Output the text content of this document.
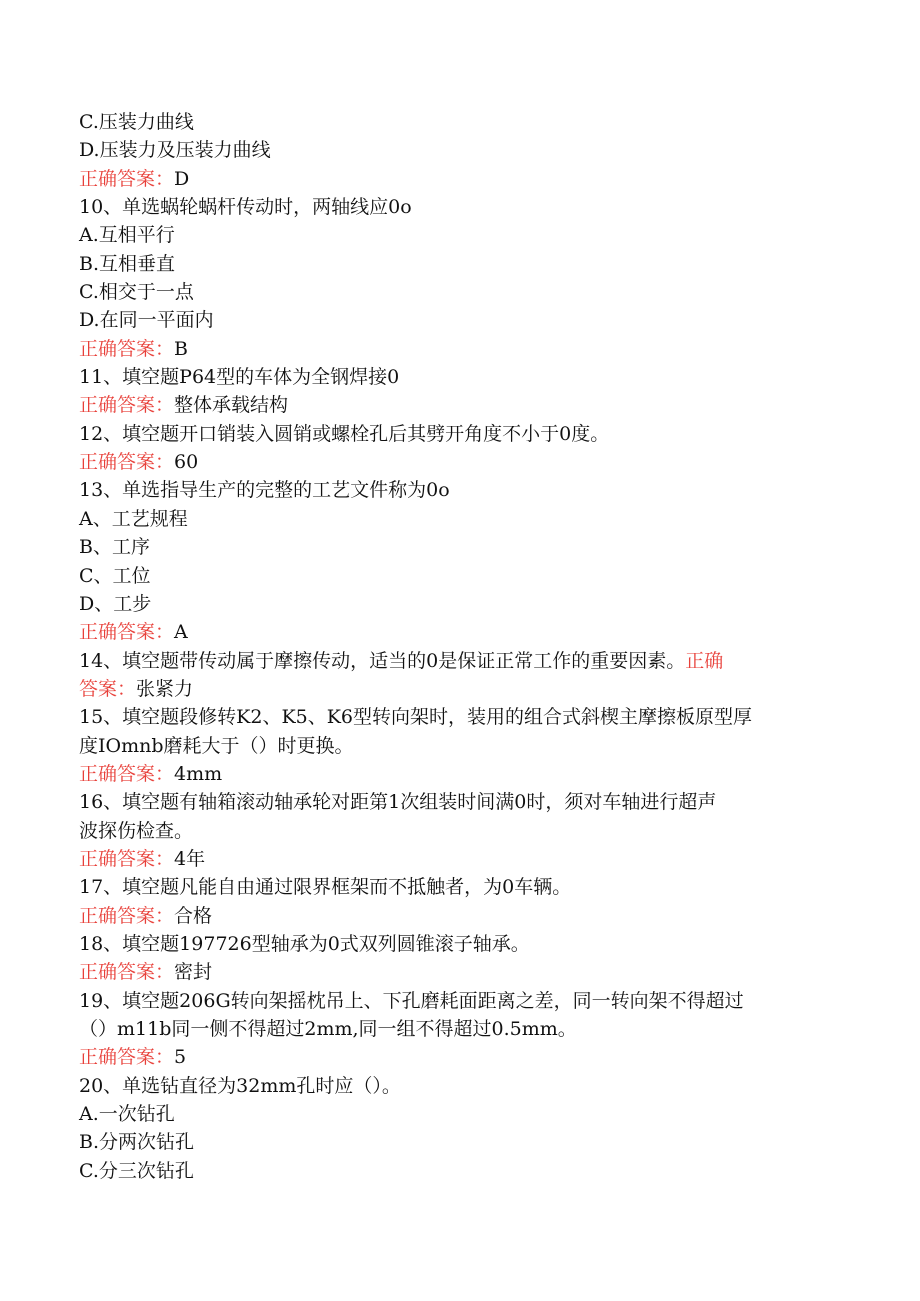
C.压装力曲线
D.压装力及压装力曲线
正确答案：D
10、单选蜗轮蜗杆传动时，两轴线应0o
A.互相平行
B.互相垂直
C.相交于一点
D.在同一平面内
正确答案：B
11、填空题P64型的车体为全钢焊接0
正确答案：整体承载结构
12、填空题开口销装入圆销或螺栓孔后其劈开角度不小于0度。
正确答案：60
13、单选指导生产的完整的工艺文件称为0o
A、工艺规程
B、工序
C、工位
D、工步
正确答案：A
14、填空题带传动属于摩擦传动，适当的0是保证正常工作的重要因素。正确
答案：张紧力
15、填空题段修转K2、K5、K6型转向架时，装用的组合式斜楔主摩擦板原型厚
度IOmnb磨耗大于（）时更换。
正确答案：4mm
16、填空题有轴箱滚动轴承轮对距第1次组装时间满0时，须对车轴进行超声
波探伤检查。
正确答案：4年
17、填空题凡能自由通过限界框架而不抵触者，为0车辆。
正确答案：合格
18、填空题197726型轴承为0式双列圆锥滚子轴承。
正确答案：密封
19、填空题206G转向架摇枕吊上、下孔磨耗面距离之差，同一转向架不得超过
（）m11b同一侧不得超过2mm,同一组不得超过0.5mm。
正确答案：5
20、单选钻直径为32mm孔时应（）。
A.一次钻孔
B.分两次钻孔
C.分三次钻孔
